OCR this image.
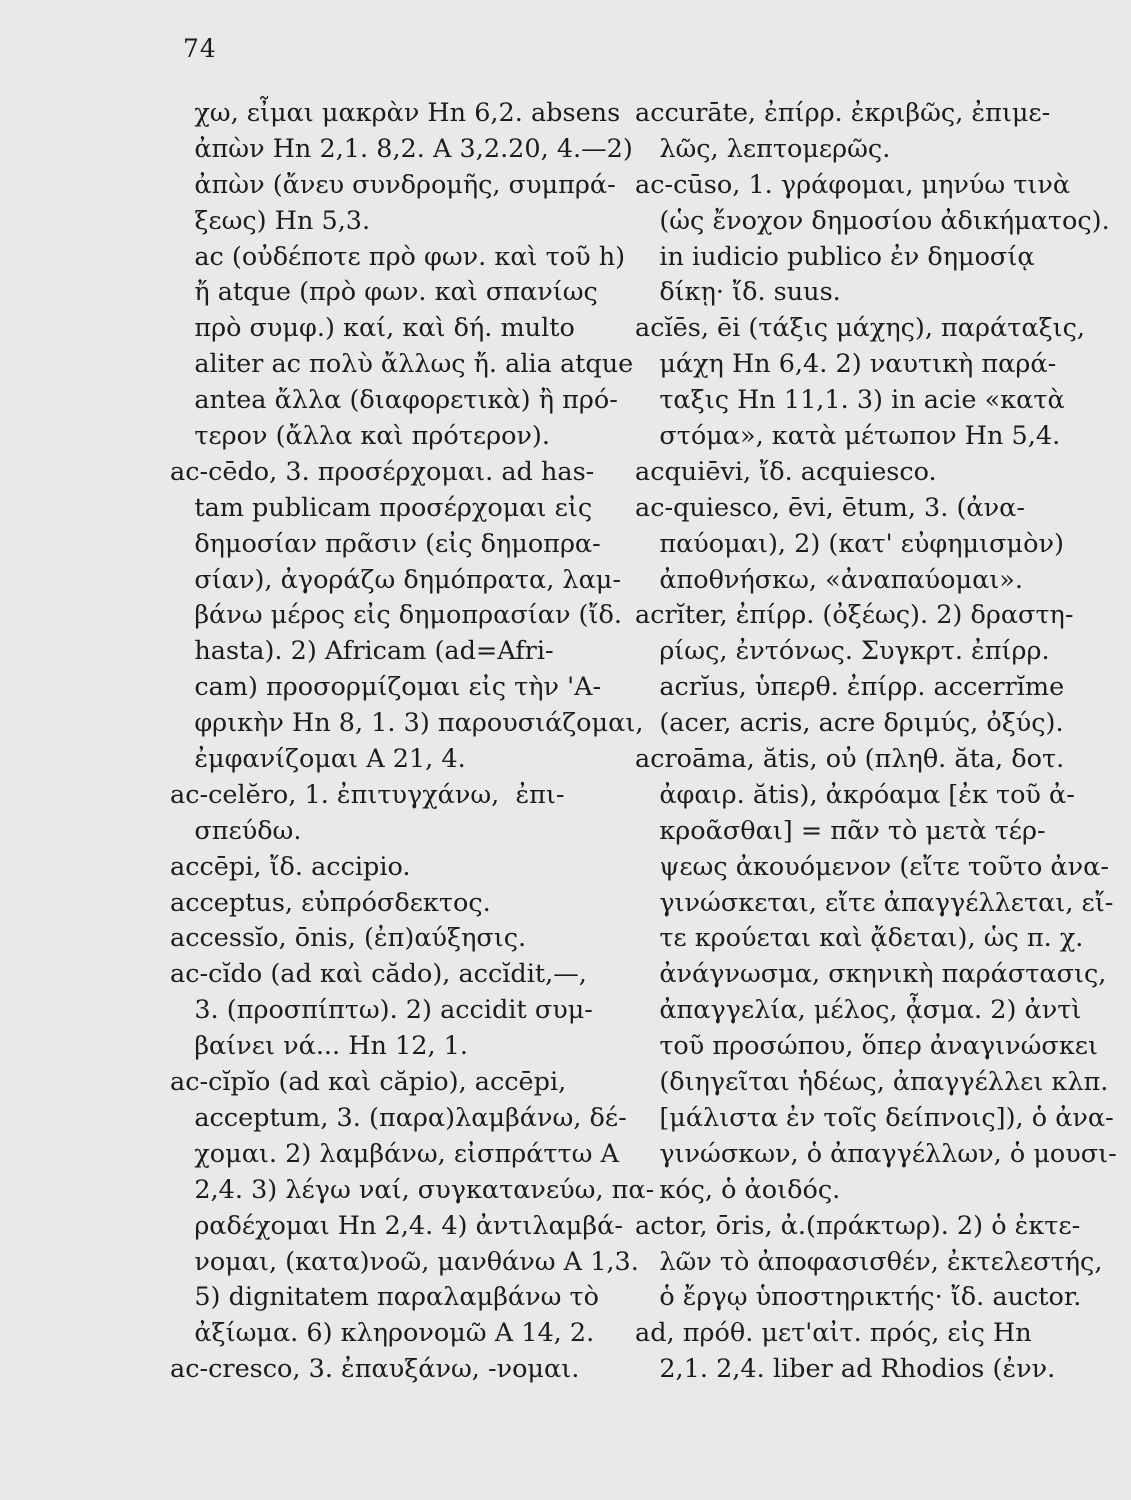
74
χω, εἶμαι μακρὰν Hn 6,2. absens
ἀπὼν Hn 2,1. 8,2. A 3,2.20, 4.—2)
ἀπὼν (ἄνευ συνδρομῆς, συμπρά-
ξεως) Hn 5,3.
ac (οὐδέποτε πρὸ φων. καὶ τοῦ h)
ἤ atque (πρὸ φων. καὶ σπανίως
πρὸ συμφ.) καί, καὶ δή. multo
aliter ac πολὺ ἄλλως ἤ. alia atque
antea ἄλλα (διαφορετικὰ) ἢ πρό-
τερον (ἄλλα καὶ πρότερον).
ac-cēdo, 3. προσέρχομαι. ad has-
tam publicam προσέρχομαι εἰς
δημοσίαν πρᾶσιν (εἰς δημοπρα-
σίαν), ἀγοράζω δημόπρατα, λαμ-
βάνω μέρος εἰς δημοπρασίαν (ἴδ.
hasta). 2) Africam (ad=Afri-
cam) προσορμίζομαι εἰς τὴν 'Α-
φρικὴν Hn 8, 1. 3) παρουσιάζομαι,
ἐμφανίζομαι A 21, 4.
ac-celĕro, 1. ἐπιτυγχάνω,  ἐπι-
σπεύδω.
accēpi, ἴδ. accipio.
acceptus, εὐπρόσδεκτος.
accessĭo, ōnis, (ἐπ)αύξησις.
ac-cĭdo (ad καὶ cădo), accĭdit,—,
3. (προσπίπτω). 2) accidit συμ-
βαίνει νά... Hn 12, 1.
ac-cĭpĭo (ad καὶ căpio), accēpi,
acceptum, 3. (παρα)λαμβάνω, δέ-
χομαι. 2) λαμβάνω, εἰσπράττω A
2,4. 3) λέγω ναί, συγκατανεύω, πα-
ραδέχομαι Hn 2,4. 4) ἀντιλαμβά-
νομαι, (κατα)νοῶ, μανθάνω A 1,3.
5) dignitatem παραλαμβάνω τὸ
ἀξίωμα. 6) κληρονομῶ A 14, 2.
ac-cresco, 3. ἐπαυξάνω, -νομαι.
accurāte, ἐπίρρ. ἐκριβῶς, ἐπιμε-
λῶς, λεπτομερῶς.
ac-cūso, 1. γράφομαι, μηνύω τινὰ
(ὡς ἔνοχον δημοσίου ἀδικήματος).
in iudicio publico ἐν δημοσίᾳ
δίκῃ· ἴδ. suus.
acĭēs, ēi (τάξις μάχης), παράταξις,
μάχη Hn 6,4. 2) ναυτικὴ παρά-
ταξις Hn 11,1. 3) in acie «κατὰ
στόμα», κατὰ μέτωπον Hn 5,4.
acquiēvi, ἴδ. acquiesco.
ac-quiesco, ēvi, ētum, 3. (ἀνα-
παύομαι), 2) (κατ' εὐφημισμὸν)
ἀποθνήσκω, «ἀναπαύομαι».
acrĭter, ἐπίρρ. (ὀξέως). 2) δραστη-
ρίως, ἐντόνως. Συγκρτ. ἐπίρρ.
acrĭus, ὑπερθ. ἐπίρρ. accerrĭme
(acer, acris, acre δριμύς, ὀξύς).
acroāma, ătis, οὐ (πληθ. ăta, δοτ.
ἀφαιρ. ătis), ἀκρόαμα [ἐκ τοῦ ἀ-
κροᾶσθαι] = πᾶν τὸ μετὰ τέρ-
ψεως ἀκουόμενον (εἴτε τοῦτο ἀνα-
γινώσκεται, εἴτε ἀπαγγέλλεται, εἴ-
τε κρούεται καὶ ᾄδεται), ὡς π. χ.
ἀνάγνωσμα, σκηνικὴ παράστασις,
ἀπαγγελία, μέλος, ᾆσμα. 2) ἀντὶ
τοῦ προσώπου, ὅπερ ἀναγινώσκει
(διηγεῖται ἡδέως, ἀπαγγέλλει κλπ.
[μάλιστα ἐν τοῖς δείπνοις]), ὁ ἀνα-
γινώσκων, ὁ ἀπαγγέλλων, ὁ μουσι-
κός, ὁ ἀοιδός.
actor, ōris, ἀ.(πράκτωρ). 2) ὁ ἐκτε-
λῶν τὸ ἀποφασισθέν, ἐκτελεστής,
ὁ ἔργῳ ὑποστηρικτής· ἴδ. auctor.
ad, πρόθ. μετ'αἰτ. πρός, εἰς Hn
2,1. 2,4. liber ad Rhodios (ἐνν.
